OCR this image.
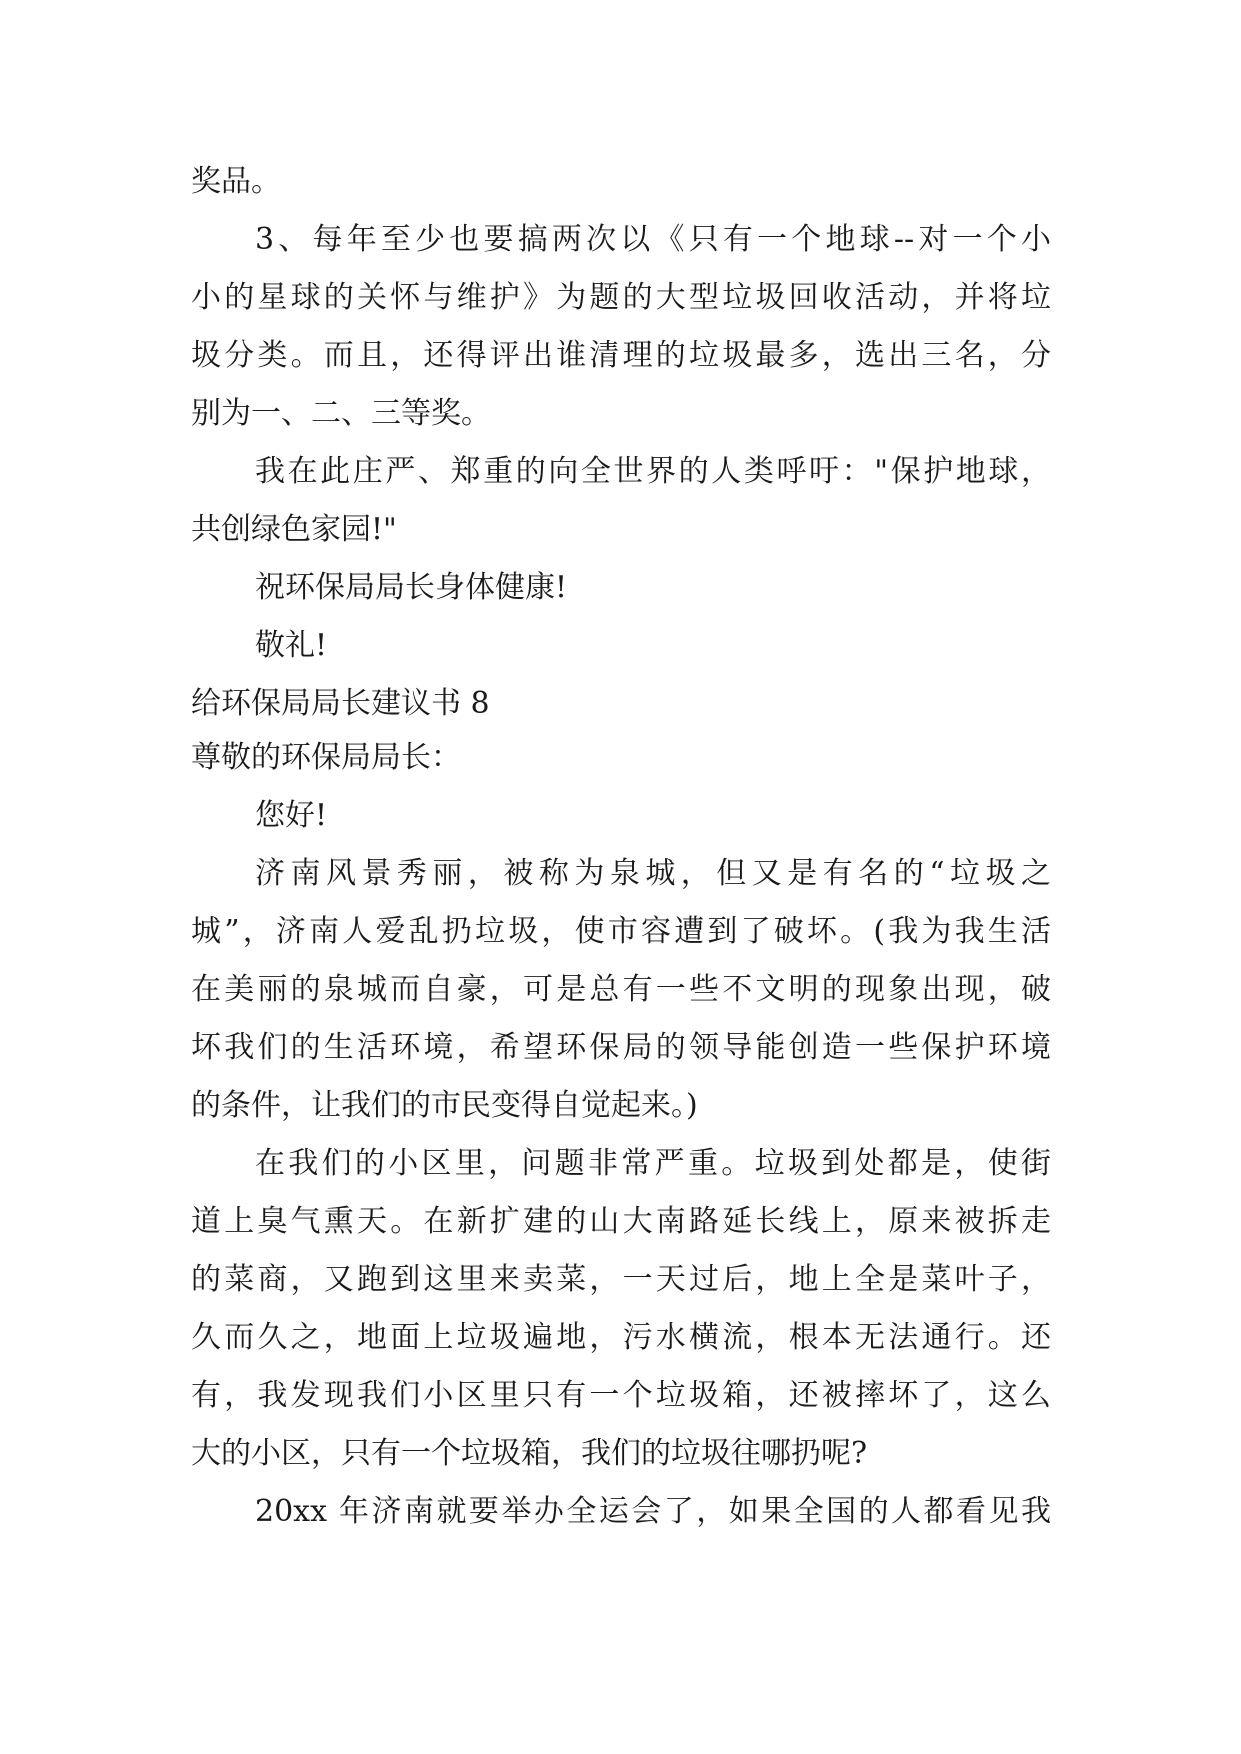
奖品。
3、每年至少也要搞两次以《只有一个地球--对一个小
小的星球的关怀与维护》为题的大型垃圾回收活动，并将垃
圾分类。而且，还得评出谁清理的垃圾最多，选出三名，分
别为一、二、三等奖。
我在此庄严、郑重的向全世界的人类呼吁："保护地球，
共创绿色家园!"
祝环保局局长身体健康!
敬礼!
给环保局局长建议书 8
尊敬的环保局局长：
您好!
济南风景秀丽，被称为泉城，但又是有名的“垃圾之
城”，济南人爱乱扔垃圾，使市容遭到了破坏。(我为我生活
在美丽的泉城而自豪，可是总有一些不文明的现象出现，破
坏我们的生活环境，希望环保局的领导能创造一些保护环境
的条件，让我们的市民变得自觉起来。)
在我们的小区里，问题非常严重。垃圾到处都是，使街
道上臭气熏天。在新扩建的山大南路延长线上，原来被拆走
的菜商，又跑到这里来卖菜，一天过后，地上全是菜叶子，
久而久之，地面上垃圾遍地，污水横流，根本无法通行。还
有，我发现我们小区里只有一个垃圾箱，还被摔坏了，这么
大的小区，只有一个垃圾箱，我们的垃圾往哪扔呢?
20xx 年济南就要举办全运会了，如果全国的人都看见我
